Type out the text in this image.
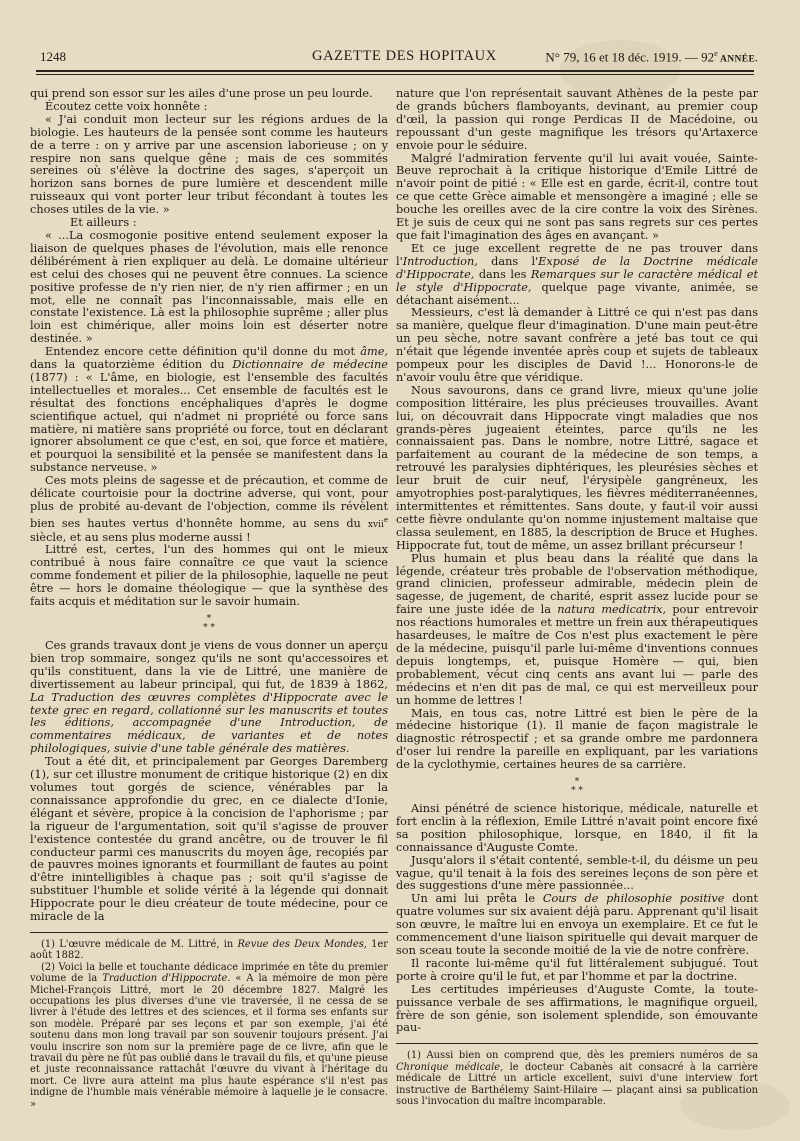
1248	GAZETTE DES HOPITAUX	N° 79, 16 et 18 déc. 1919. — 92e ANNÉE.

qui prend son essor sur les ailes d'une prose un peu lourde.

Écoutez cette voix honnête :

« J'ai conduit mon lecteur sur les régions ardues de la biologie. Les hauteurs de la pensée sont comme les hauteurs de a terre : on y arrive par une ascension laborieuse ; on y respire non sans quelque gêne ; mais de ces sommités sereines où s'élève la doctrine des sages, s'aperçoit un horizon sans bornes de pure lumière et descendent mille ruisseaux qui vont porter leur tribut fécondant à toutes les choses utiles de la vie. »

Et ailleurs :

« ...La cosmogonie positive entend seulement exposer la liaison de quelques phases de l'évolution, mais elle renonce délibérément à rien expliquer au delà. Le domaine ultérieur est celui des choses qui ne peuvent être connues. La science positive professe de n'y rien nier, de n'y rien affirmer ; en un mot, elle ne connaît pas l'inconnaissable, mais elle en constate l'existence. Là est la philosophie suprême ; aller plus loin est chimérique, aller moins loin est déserter notre destinée. »

Entendez encore cette définition qu'il donne du mot âme, dans la quatorzième édition du Dictionnaire de médecine (1877) : « L'âme, en biologie, est l'ensemble des facultés intellectuelles et morales... Cet ensemble de facultés est le résultat des fonctions encéphaliques d'après le dogme scientifique actuel, qui n'admet ni propriété ou force sans matière, ni matière sans propriété ou force, tout en déclarant ignorer absolument ce que c'est, en soi, que force et matière, et pourquoi la sensibilité et la pensée se manifestent dans la substance nerveuse. »

Ces mots pleins de sagesse et de précaution, et comme de délicate courtoisie pour la doctrine adverse, qui vont, pour plus de probité au-devant de l'objection, comme ils révèlent bien ses hautes vertus d'honnête homme, au sens du xvii$^e$ siècle, et au sens plus moderne aussi !

Littré est, certes, l'un des hommes qui ont le mieux contribué à nous faire connaître ce que vaut la science comme fondement et pilier de la philosophie, laquelle ne peut être — hors le domaine théologique — que la synthèse des faits acquis et méditation sur le savoir humain.

*
* *

Ces grands travaux dont je viens de vous donner un aperçu bien trop sommaire, songez qu'ils ne sont qu'accessoires et qu'ils constituent, dans la vie de Littré, une manière de divertissement au labeur principal, qui fut, de 1839 à 1862, La Traduction des œuvres complètes d'Hippocrate avec le texte grec en regard, collationné sur les manuscrits et toutes les éditions, accompagnée d'une Introduction, de commentaires médicaux, de variantes et de notes philologiques, suivie d'une table générale des matières.

Tout a été dit, et principalement par Georges Daremberg (1), sur cet illustre monument de critique historique (2) en dix volumes tout gorgés de science, vénérables par la connaissance approfondie du grec, en ce dialecte d'Ionie, élégant et sévère, propice à la concision de l'aphorisme ; par la rigueur de l'argumentation, soit qu'il s'agisse de prouver l'existence contestée du grand ancêtre, ou de trouver le fil conducteur parmi ces manuscrits du moyen âge, recopiés par de pauvres moines ignorants et fourmillant de fautes au point d'être inintelligibles à chaque pas ; soit qu'il s'agisse de substituer l'humble et solide vérité à la légende qui donnait Hippocrate pour le dieu créateur de toute médecine, pour ce miracle de la

(1) L'œuvre médicale de M. Littré, in Revue des Deux Mondes, 1er août 1882.

(2) Voici la belle et touchante dédicace imprimée en tête du premier volume de la Traduction d'Hippocrate. « A la mémoire de mon père Michel-François Littré, mort le 20 décembre 1827. Malgré les occupations les plus diverses d'une vie traversée, il ne cessa de se livrer à l'étude des lettres et des sciences, et il forma ses enfants sur son modèle. Préparé par ses leçons et par son exemple, j'ai été soutenu dans mon long travail par son souvenir toujours présent. J'ai voulu inscrire son nom sur la première page de ce livre, afin que le travail du père ne fût pas oublié dans le travail du fils, et qu'une pieuse et juste reconnaissance rattachât l'œuvre du vivant à l'héritage du mort. Ce livre aura atteint ma plus haute espérance s'il n'est pas indigne de l'humble mais vénérable mémoire à laquelle je le consacre. »

nature que l'on représentait sauvant Athènes de la peste par de grands bûchers flamboyants, devinant, au premier coup d'œil, la passion qui ronge Perdicas II de Macédoine, ou repoussant d'un geste magnifique les trésors qu'Artaxerce envoie pour le séduire.

Malgré l'admiration fervente qu'il lui avait vouée, Sainte-Beuve reprochait à la critique historique d'Emile Littré de n'avoir point de pitié : « Elle est en garde, écrit-il, contre tout ce que cette Grèce aimable et mensongère a imaginé ; elle se bouche les oreilles avec de la cire contre la voix des Sirènes. Et je suis de ceux qui ne sont pas sans regrets sur ces pertes que fait l'imagination des âges en avançant. »

Et ce juge excellent regrette de ne pas trouver dans l'Introduction, dans l'Exposé de la Doctrine médicale d'Hippocrate, dans les Remarques sur le caractère médical et le style d'Hippocrate, quelque page vivante, animée, se détachant aisément...

Messieurs, c'est là demander à Littré ce qui n'est pas dans sa manière, quelque fleur d'imagination. D'une main peut-être un peu sèche, notre savant confrère a jeté bas tout ce qui n'était que légende inventée après coup et sujets de tableaux pompeux pour les disciples de David !... Honorons-le de n'avoir voulu être que véridique.

Nous savourons, dans ce grand livre, mieux qu'une jolie composition littéraire, les plus précieuses trouvailles. Avant lui, on découvrait dans Hippocrate vingt maladies que nos grands-pères jugeaient éteintes, parce qu'ils ne les connaissaient pas. Dans le nombre, notre Littré, sagace et parfaitement au courant de la médecine de son temps, a retrouvé les paralysies diphtériques, les pleurésies sèches et leur bruit de cuir neuf, l'érysipèle gangréneux, les amyotrophies post-paralytiques, les fièvres méditerranéennes, intermittentes et rémittentes. Sans doute, y faut-il voir aussi cette fièvre ondulante qu'on nomme injustement maltaise que classa seulement, en 1885, la description de Bruce et Hughes. Hippocrate fut, tout de même, un assez brillant précurseur !

Plus humain et plus beau dans la réalité que dans la légende, créateur très probable de l'observation méthodique, grand clinicien, professeur admirable, médecin plein de sagesse, de jugement, de charité, esprit assez lucide pour se faire une juste idée de la natura medicatrix, pour entrevoir nos réactions humorales et mettre un frein aux thérapeutiques hasardeuses, le maître de Cos n'est plus exactement le père de la médecine, puisqu'il parle lui-même d'inventions connues depuis longtemps, et, puisque Homère — qui, bien probablement, vécut cinq cents ans avant lui — parle des médecins et n'en dit pas de mal, ce qui est merveilleux pour un homme de lettres !

Mais, en tous cas, notre Littré est bien le père de la médecine historique (1). Il manie de façon magistrale le diagnostic rétrospectif ; et sa grande ombre me pardonnera d'oser lui rendre la pareille en expliquant, par les variations de la cyclothymie, certaines heures de sa carrière.

*
* *

Ainsi pénétré de science historique, médicale, naturelle et fort enclin à la réflexion, Emile Littré n'avait point encore fixé sa position philosophique, lorsque, en 1840, il fit la connaissance d'Auguste Comte.

Jusqu'alors il s'était contenté, semble-t-il, du déisme un peu vague, qu'il tenait à la fois des sereines leçons de son père et des suggestions d'une mère passionnée...

Un ami lui prêta le Cours de philosophie positive dont quatre volumes sur six avaient déjà paru. Apprenant qu'il lisait son œuvre, le maître lui en envoya un exemplaire. Et ce fut le commencement d'une liaison spirituelle qui devait marquer de son sceau toute la seconde moitié de la vie de notre confrère.

Il raconte lui-même qu'il fut littéralement subjugué. Tout porte à croire qu'il le fut, et par l'homme et par la doctrine.

Les certitudes impérieuses d'Auguste Comte, la toute-puissance verbale de ses affirmations, le magnifique orgueil, frère de son génie, son isolement splendide, son émouvante pau-

(1) Aussi bien on comprend que, dès les premiers numéros de sa Chronique médicale, le docteur Cabanès ait consacré à la carrière médicale de Littré un article excellent, suivi d'une interview fort instructive de Barthélemy Saint-Hilaire — plaçant ainsi sa publication sous l'invocation du maître incomparable.
